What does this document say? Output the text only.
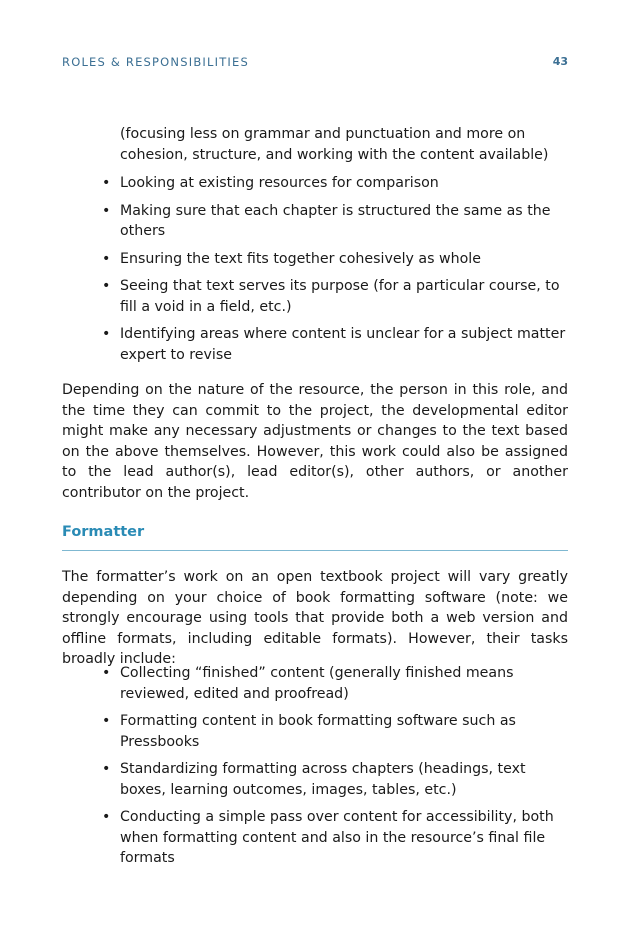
ROLES & RESPONSIBILITIES	43
(focusing less on grammar and punctuation and more on cohesion, structure, and working with the content available)
• Looking at existing resources for comparison
• Making sure that each chapter is structured the same as the others
• Ensuring the text fits together cohesively as whole
• Seeing that text serves its purpose (for a particular course, to fill a void in a field, etc.)
• Identifying areas where content is unclear for a subject matter expert to revise

Depending on the nature of the resource, the person in this role, and the time they can commit to the project, the developmental editor might make any necessary adjustments or changes to the text based on the above themselves. However, this work could also be assigned to the lead author(s), lead editor(s), other authors, or another contributor on the project.

Formatter

The formatter’s work on an open textbook project will vary greatly depending on your choice of book formatting software (note: we strongly encourage using tools that provide both a web version and offline formats, including editable formats). However, their tasks broadly include:

• Collecting “finished” content (generally finished means reviewed, edited and proofread)
• Formatting content in book formatting software such as Pressbooks
• Standardizing formatting across chapters (headings, text boxes, learning outcomes, images, tables, etc.)
• Conducting a simple pass over content for accessibility, both when formatting content and also in the resource’s final file formats
